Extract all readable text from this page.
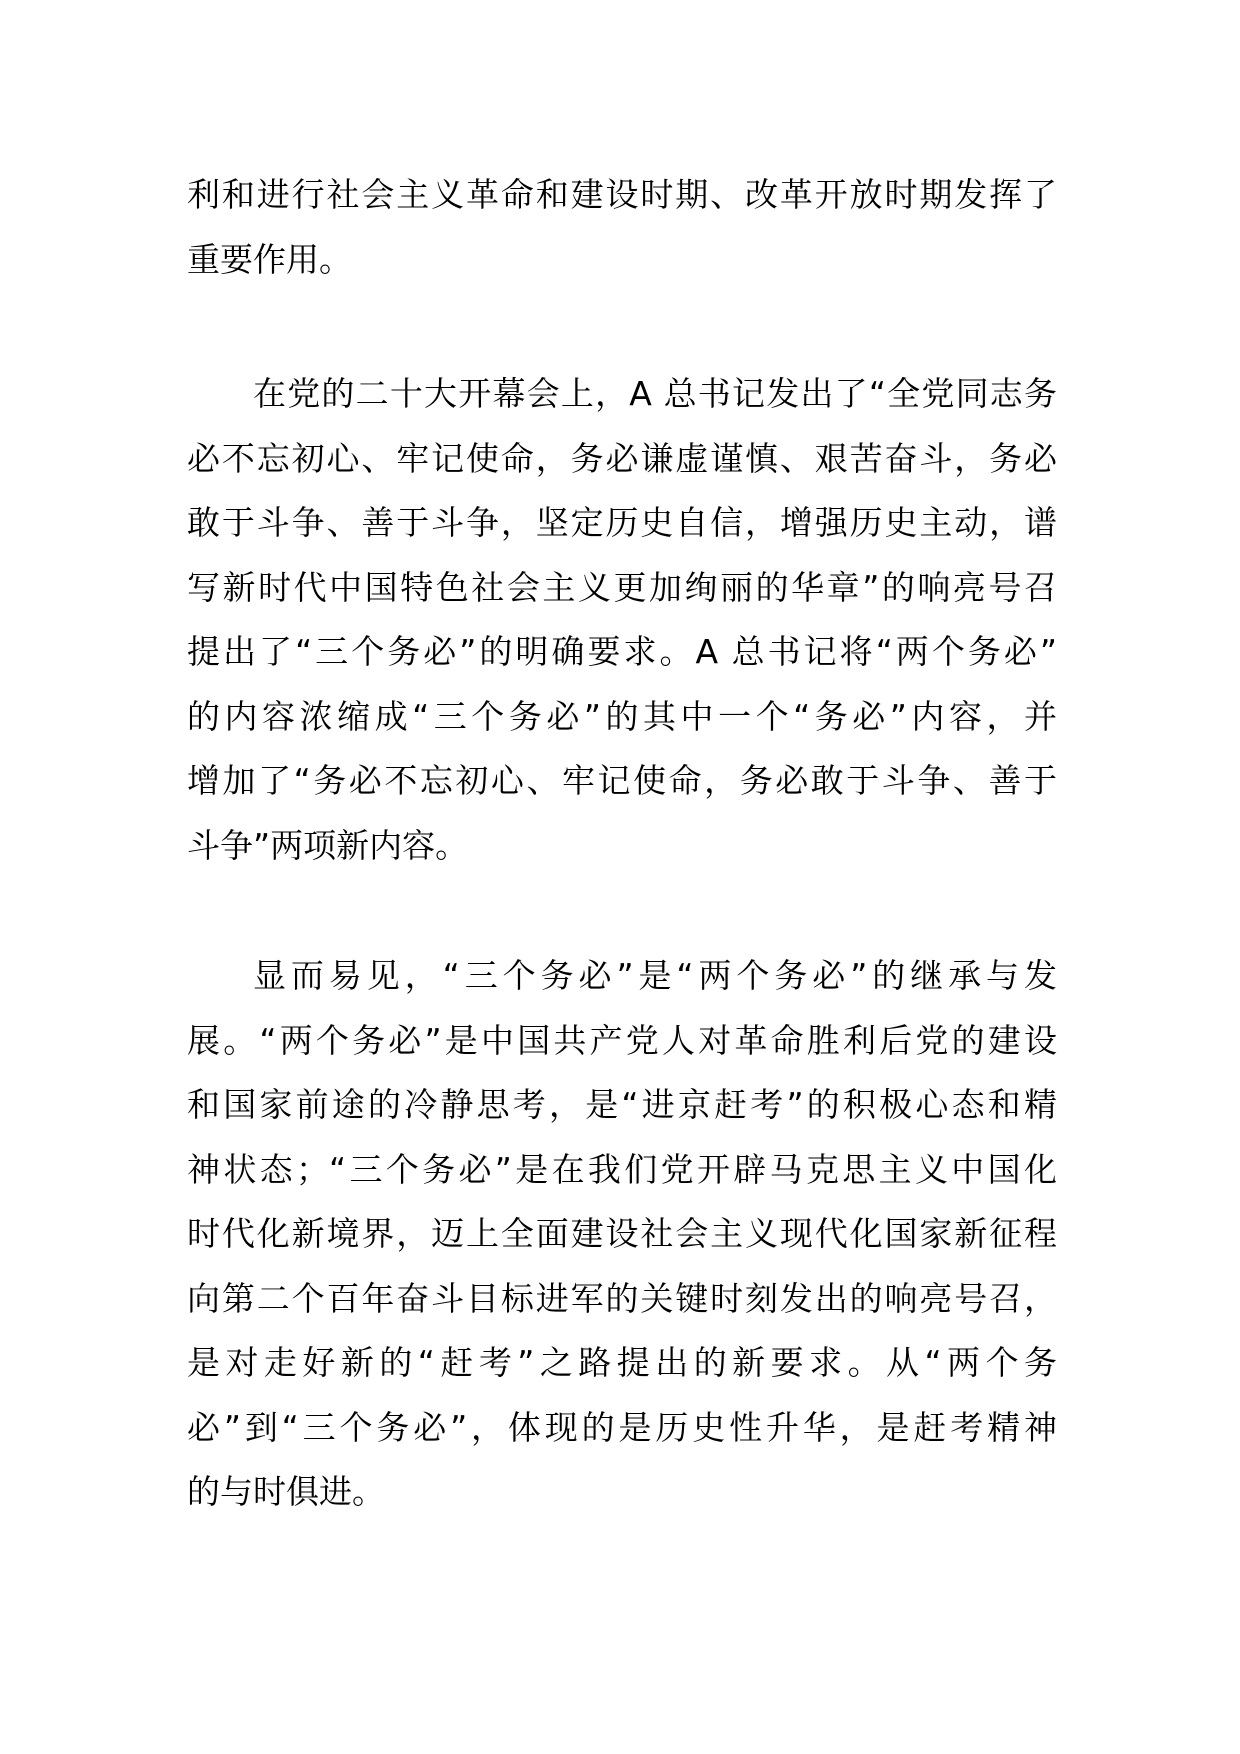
利和进行社会主义革命和建设时期、改革开放时期发挥了
重要作用。
在党的二十大开幕会上，A 总书记发出了“全党同志务
必不忘初心、牢记使命，务必谦虚谨慎、艰苦奋斗，务必
敢于斗争、善于斗争，坚定历史自信，增强历史主动，谱
写新时代中国特色社会主义更加绚丽的华章”的响亮号召
提出了“三个务必”的明确要求。A 总书记将“两个务必”
的内容浓缩成“三个务必”的其中一个“务必”内容，并
增加了“务必不忘初心、牢记使命，务必敢于斗争、善于
斗争”两项新内容。
显而易见，“三个务必”是“两个务必”的继承与发
展。“两个务必”是中国共产党人对革命胜利后党的建设
和国家前途的冷静思考，是“进京赶考”的积极心态和精
神状态；“三个务必”是在我们党开辟马克思主义中国化
时代化新境界，迈上全面建设社会主义现代化国家新征程
向第二个百年奋斗目标进军的关键时刻发出的响亮号召，
是对走好新的“赶考”之路提出的新要求。从“两个务
必”到“三个务必”，体现的是历史性升华，是赶考精神
的与时俱进。
